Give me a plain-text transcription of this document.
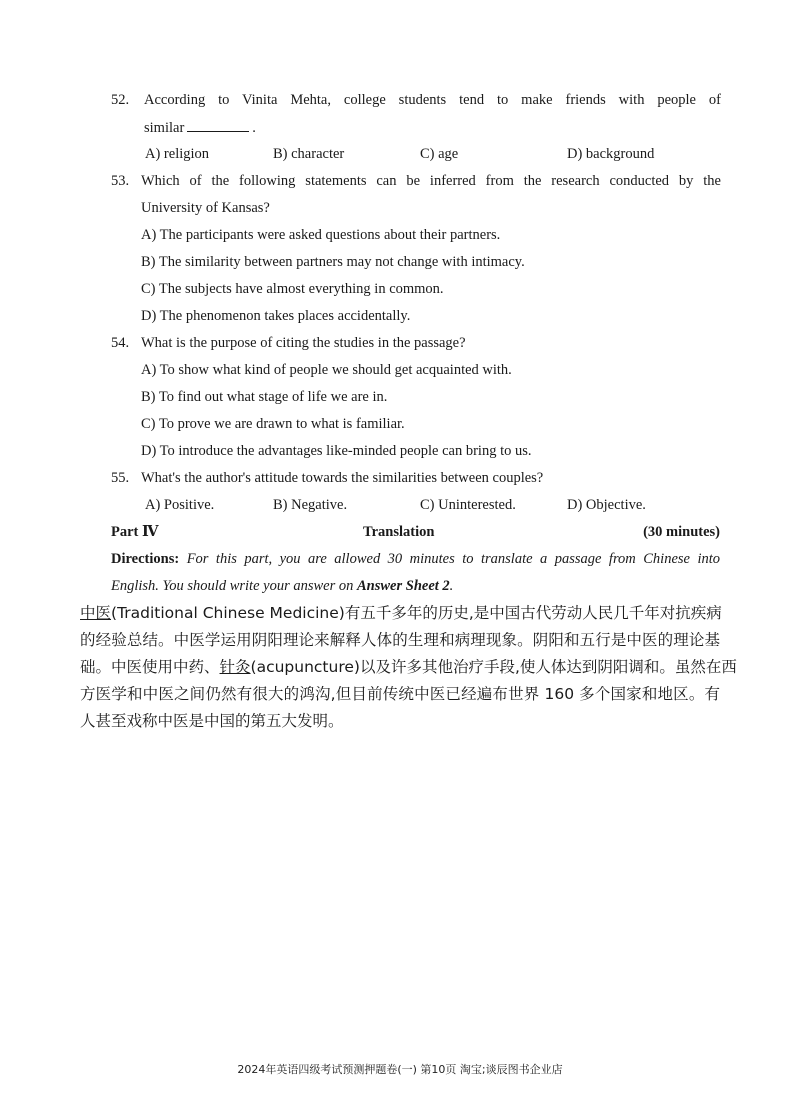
52. According to Vinita Mehta, college students tend to make friends with people of
similar	.
A) religion	B) character	C) age	D) background
53. Which of the following statements can be inferred from the research conducted by the
University of Kansas?
A) The participants were asked questions about their partners.
B) The similarity between partners may not change with intimacy.
C) The subjects have almost everything in common.
D) The phenomenon takes places accidentally.
54. What is the purpose of citing the studies in the passage?
A) To show what kind of people we should get acquainted with.
B) To find out what stage of life we are in.
C) To prove we are drawn to what is familiar.
D) To introduce the advantages like-minded people can bring to us.
55. What's the author's attitude towards the similarities between couples?
A) Positive.	B) Negative.	C) Uninterested.	D) Objective.
Part Ⅳ	Translation	(30 minutes)
Directions: For this part, you are allowed 30 minutes to translate a passage from Chinese into
English. You should write your answer on Answer Sheet 2.
中医(Traditional Chinese Medicine)有五千多年的历史,是中国古代劳动人民几千年对抗疾病
的经验总结。中医学运用阴阳理论来解释人体的生理和病理现象。阴阳和五行是中医的理论基
础。中医使用中药、针灸(acupuncture)以及许多其他治疗手段,使人体达到阴阳调和。虽然在西
方医学和中医之间仍然有很大的鸿沟,但目前传统中医已经遍布世界 160 多个国家和地区。有
人甚至戏称中医是中国的第五大发明。
2024年英语四级考试预测押题卷(一) 第10页 淘宝;谈辰图书企业店
